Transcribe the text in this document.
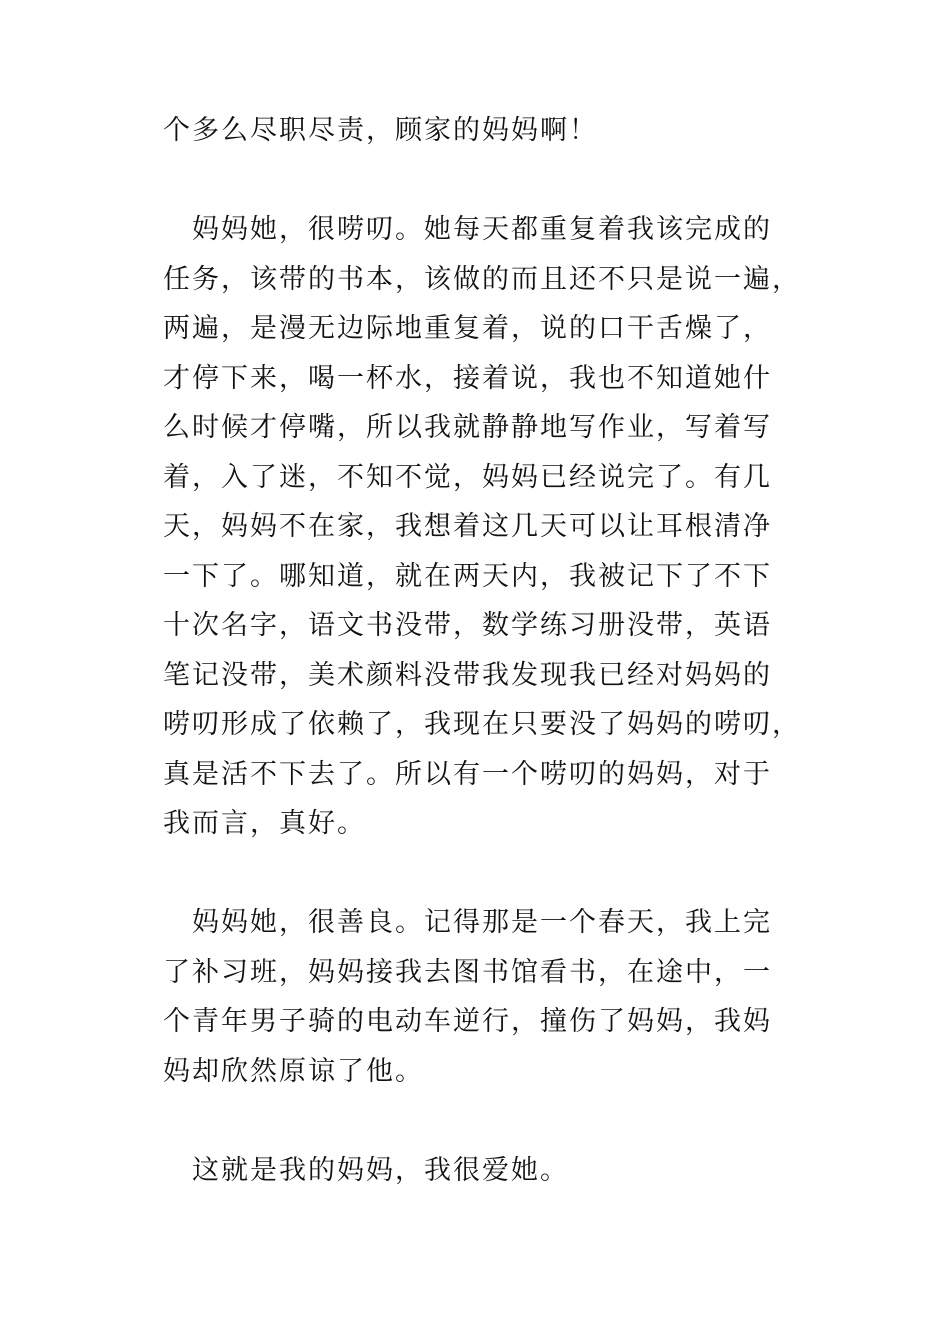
个多么尽职尽责，顾家的妈妈啊！
　妈妈她，很唠叨。她每天都重复着我该完成的
任务，该带的书本，该做的而且还不只是说一遍，
两遍，是漫无边际地重复着，说的口干舌燥了，
才停下来，喝一杯水，接着说，我也不知道她什
么时候才停嘴，所以我就静静地写作业，写着写
着，入了迷，不知不觉，妈妈已经说完了。有几
天，妈妈不在家，我想着这几天可以让耳根清净
一下了。哪知道，就在两天内，我被记下了不下
十次名字，语文书没带，数学练习册没带，英语
笔记没带，美术颜料没带我发现我已经对妈妈的
唠叨形成了依赖了，我现在只要没了妈妈的唠叨，
真是活不下去了。所以有一个唠叨的妈妈，对于
我而言，真好。
　妈妈她，很善良。记得那是一个春天，我上完
了补习班，妈妈接我去图书馆看书，在途中，一
个青年男子骑的电动车逆行，撞伤了妈妈，我妈
妈却欣然原谅了他。
　这就是我的妈妈，我很爱她。
